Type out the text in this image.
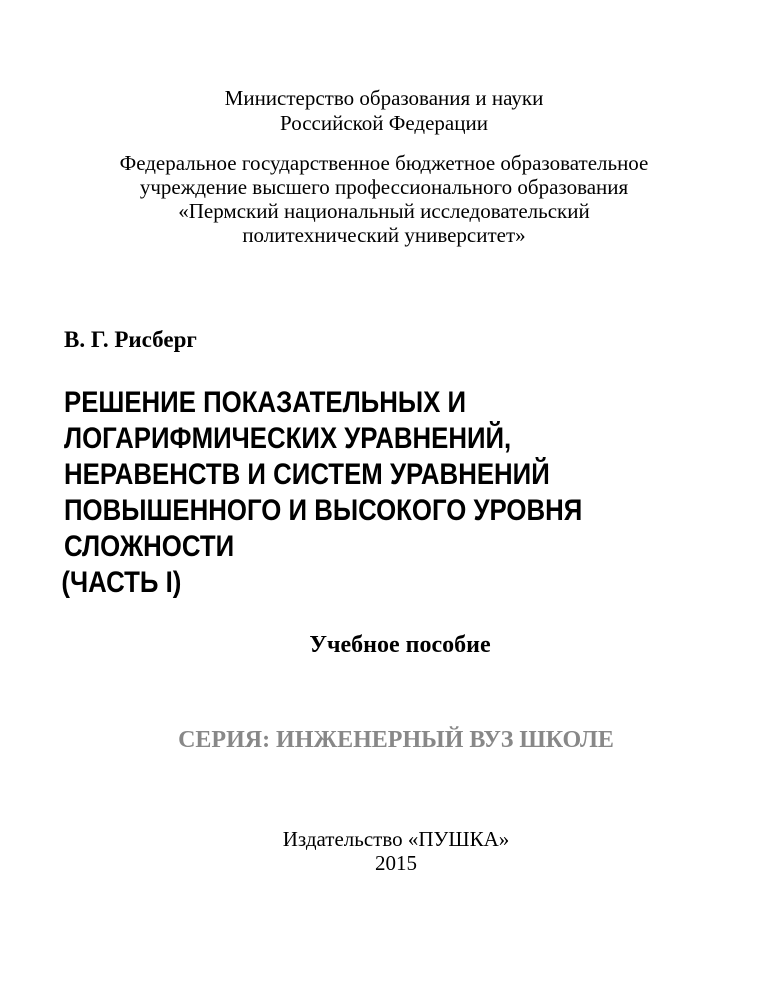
Министерство образования и науки
Российской Федерации
Федеральное государственное бюджетное образовательное
учреждение высшего профессионального образования
«Пермский национальный исследовательский
политехнический университет»
В. Г. Рисберг
РЕШЕНИЕ ПОКАЗАТЕЛЬНЫХ И
ЛОГАРИФМИЧЕСКИХ УРАВНЕНИЙ,
НЕРАВЕНСТВ И СИСТЕМ УРАВНЕНИЙ
ПОВЫШЕННОГО И ВЫСОКОГО УРОВНЯ
СЛОЖНОСТИ
(ЧАСТЬ I)
Учебное пособие
СЕРИЯ: ИНЖЕНЕРНЫЙ ВУЗ ШКОЛЕ
Издательство «ПУШКА»
2015
